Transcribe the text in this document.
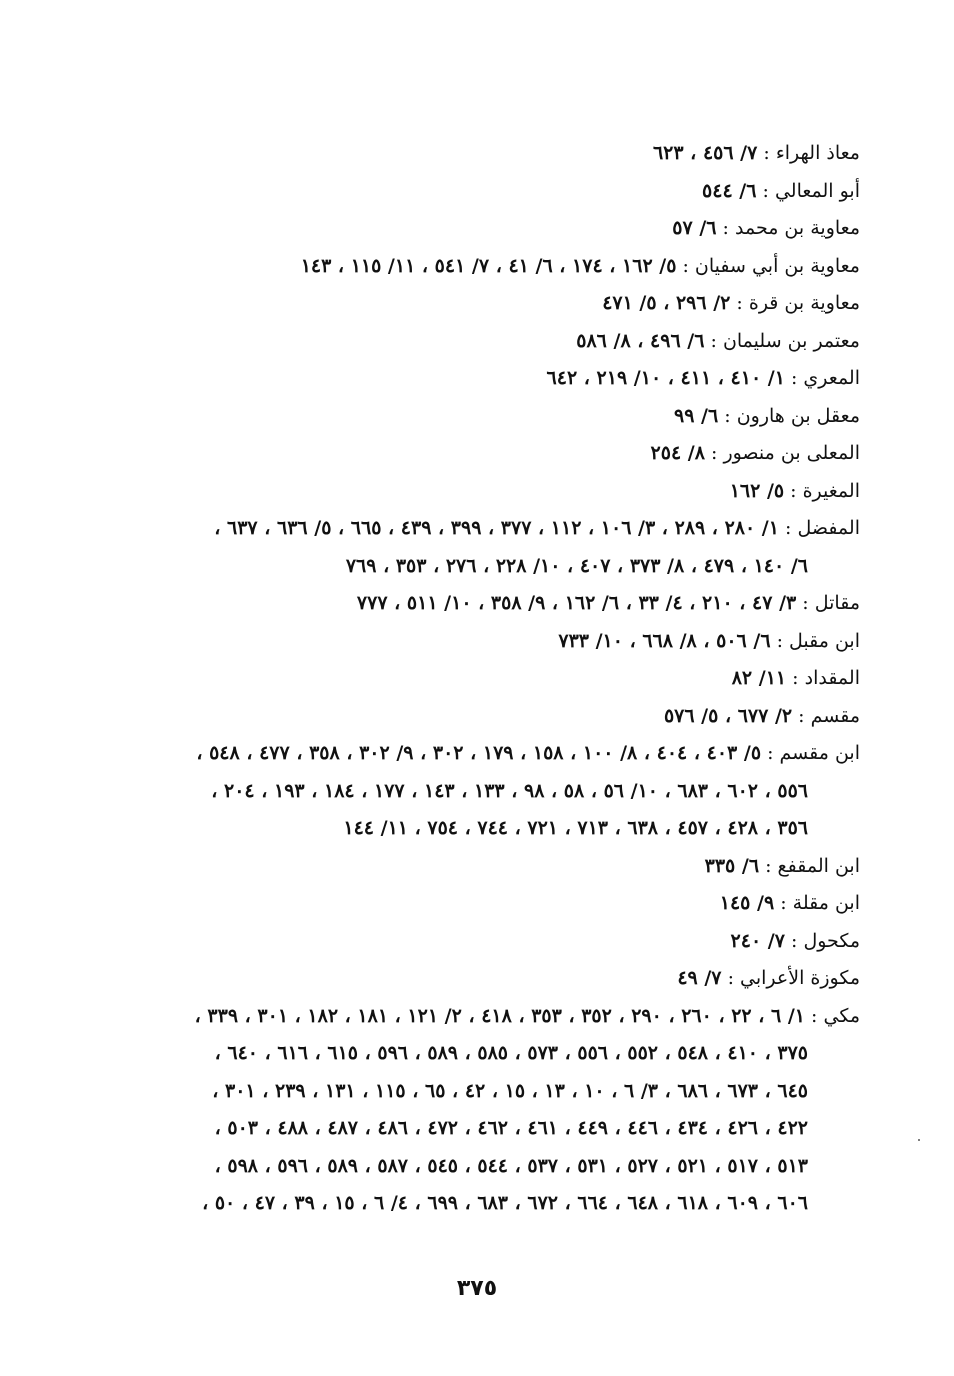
معاذ الهراء : ٧/ ٤٥٦ ، ٦٢٣
أبو المعالي : ٦/ ٥٤٤
معاوية بن محمد : ٦/ ٥٧
معاوية بن أبي سفيان : ٥/ ١٦٢ ، ١٧٤ ، ٦/ ٤١ ، ٧/ ٥٤١ ، ١١/ ١١٥ ، ١٤٣
معاوية بن قرة : ٢/ ٢٩٦ ، ٥/ ٤٧١
معتمر بن سليمان : ٦/ ٤٩٦ ، ٨/ ٥٨٦
المعري : ١/ ٤١٠ ، ٤١١ ، ١٠/ ٢١٩ ، ٦٤٢
معقل بن هارون : ٦/ ٩٩
المعلى بن منصور : ٨/ ٢٥٤
المغيرة : ٥/ ١٦٢
المفضل : ١/ ٢٨٠ ، ٢٨٩ ، ٣/ ١٠٦ ، ١١٢ ، ٣٧٧ ، ٣٩٩ ، ٤٣٩ ، ٦٦٥ ، ٥/ ٦٣٦ ، ٦٣٧ ،
٦/ ١٤٠ ، ٤٧٩ ، ٨/ ٣٧٣ ، ٤٠٧ ، ١٠/ ٢٢٨ ، ٢٧٦ ، ٣٥٣ ، ٧٦٩
مقاتل : ٣/ ٤٧ ، ٢١٠ ، ٤/ ٣٣ ، ٦/ ١٦٢ ، ٩/ ٣٥٨ ، ١٠/ ٥١١ ، ٧٧٧
ابن مقبل : ٦/ ٥٠٦ ، ٨/ ٦٦٨ ، ١٠/ ٧٣٣
المقداد : ١١/ ٨٢
مقسم : ٢/ ٦٧٧ ، ٥/ ٥٧٦
ابن مقسم : ٥/ ٤٠٣ ، ٤٠٤ ، ٨/ ١٠٠ ، ١٥٨ ، ١٧٩ ، ٣٠٢ ، ٩/ ٣٠٢ ، ٣٥٨ ، ٤٧٧ ، ٥٤٨ ،
٥٥٦ ، ٦٠٢ ، ٦٨٣ ، ١٠/ ٥٦ ، ٥٨ ، ٩٨ ، ١٣٣ ، ١٤٣ ، ١٧٧ ، ١٨٤ ، ١٩٣ ، ٢٠٤ ،
٣٥٦ ، ٤٢٨ ، ٤٥٧ ، ٦٣٨ ، ٧١٣ ، ٧٢١ ، ٧٤٤ ، ٧٥٤ ، ١١/ ١٤٤
ابن المقفع : ٦/ ٣٣٥
ابن مقلة : ٩/ ١٤٥
مكحول : ٧/ ٢٤٠
مكوزة الأعرابي : ٧/ ٤٩
مكي : ١/ ٦ ، ٢٢ ، ٢٦٠ ، ٢٩٠ ، ٣٥٢ ، ٣٥٣ ، ٤١٨ ، ٢/ ١٢١ ، ١٨١ ، ١٨٢ ، ٣٠١ ، ٣٣٩ ،
٣٧٥ ، ٤١٠ ، ٥٤٨ ، ٥٥٢ ، ٥٥٦ ، ٥٧٣ ، ٥٨٥ ، ٥٨٩ ، ٥٩٦ ، ٦١٥ ، ٦١٦ ، ٦٤٠ ،
٦٤٥ ، ٦٧٣ ، ٦٨٦ ، ٣/ ٦ ، ١٠ ، ١٣ ، ١٥ ، ٤٢ ، ٦٥ ، ١١٥ ، ١٣١ ، ٢٣٩ ، ٣٠١ ،
٤٢٢ ، ٤٢٦ ، ٤٣٤ ، ٤٤٦ ، ٤٤٩ ، ٤٦١ ، ٤٦٢ ، ٤٧٢ ، ٤٨٦ ، ٤٨٧ ، ٤٨٨ ، ٥٠٣ ،
٥١٣ ، ٥١٧ ، ٥٢١ ، ٥٢٧ ، ٥٣١ ، ٥٣٧ ، ٥٤٤ ، ٥٤٥ ، ٥٨٧ ، ٥٨٩ ، ٥٩٦ ، ٥٩٨ ،
٦٠٦ ، ٦٠٩ ، ٦١٨ ، ٦٤٨ ، ٦٦٤ ، ٦٧٢ ، ٦٨٣ ، ٦٩٩ ، ٤/ ٦ ، ١٥ ، ٣٩ ، ٤٧ ، ٥٠ ،
٣٧٥
